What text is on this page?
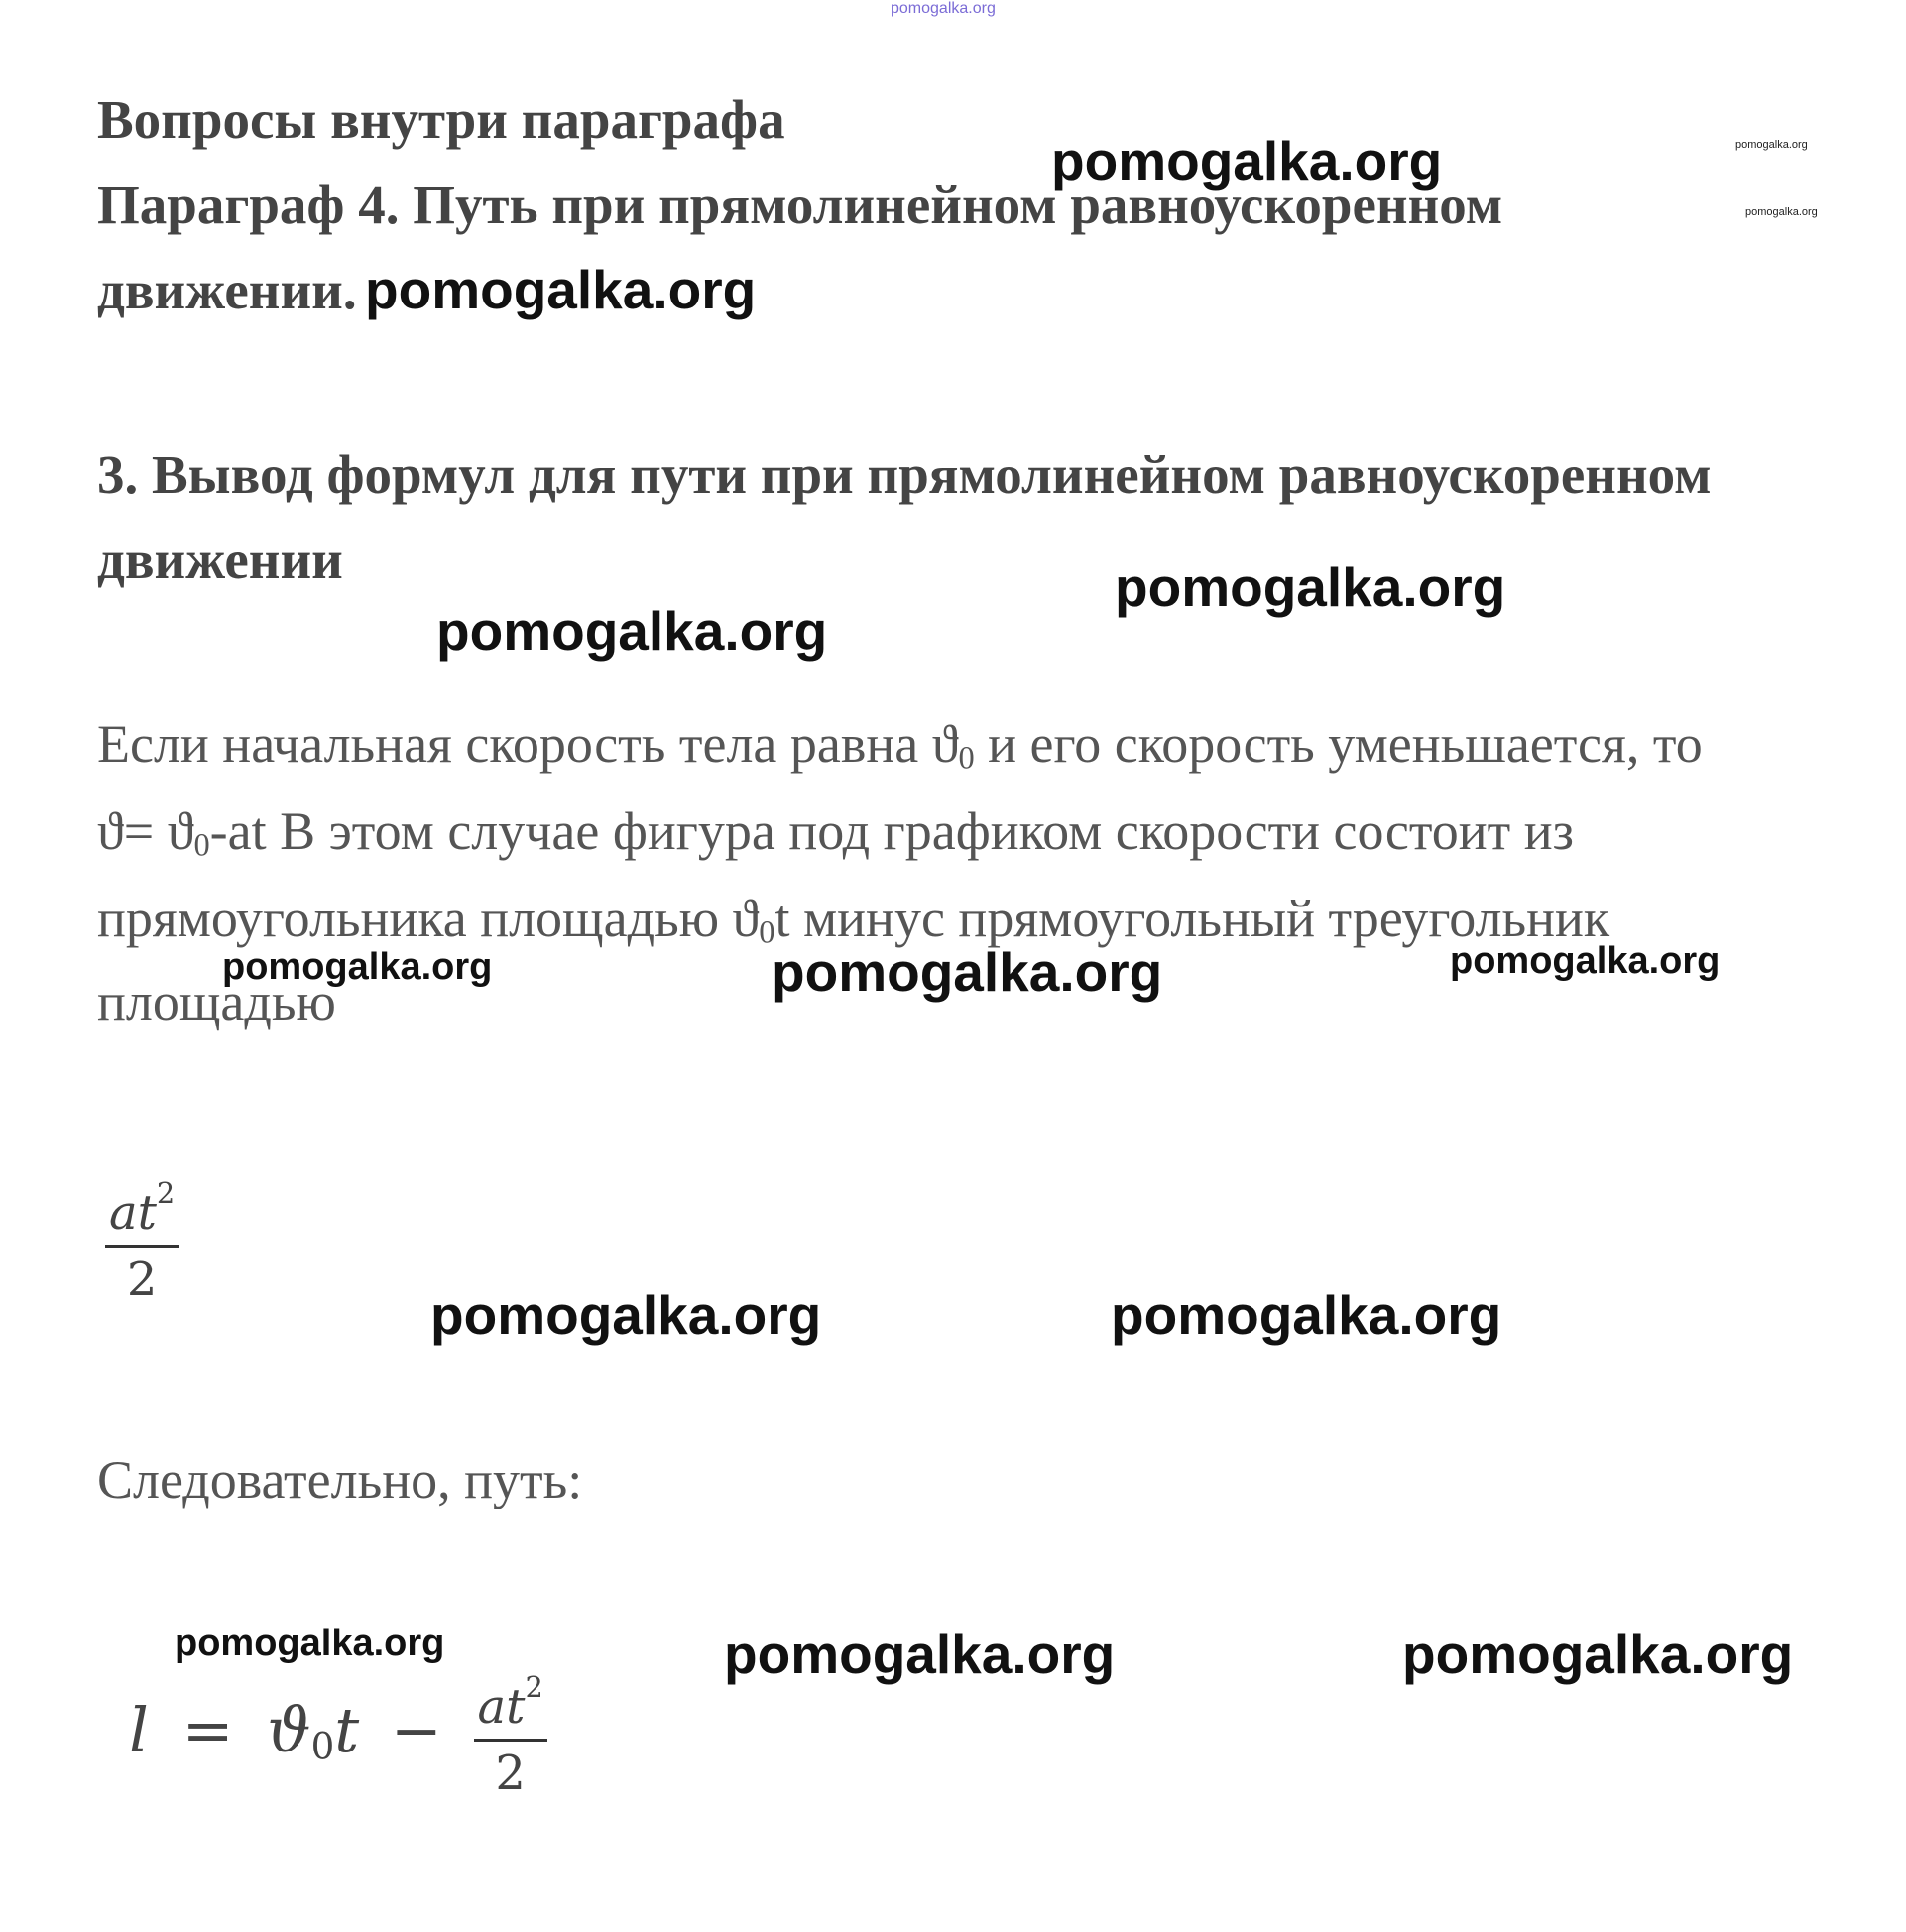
pomogalka.org
Вопросы внутри параграфа
Параграф 4. Путь при прямолинейном равноускоренном
движении.
3. Вывод формул для пути при прямолинейном равноускоренном
движении
Если начальная скорость тела равна $ϑ_0$ и его скорость уменьшается, то
$ϑ= ϑ_0-at$ В этом случае фигура под графиком скорости состоит из
прямоугольника площадью $ϑ_0t$ минус прямоугольный треугольник
площадью
$\frac{at^2}{2}$
Следовательно, путь:
$l = ϑ_0t - \frac{at^2}{2}$
pomogalka.org	pomogalka.org
pomogalka.org
pomogalka.org
pomogalka.org
pomogalka.org
pomogalka.org	pomogalka.org	pomogalka.org
pomogalka.org	pomogalka.org
pomogalka.org	pomogalka.org	pomogalka.org
